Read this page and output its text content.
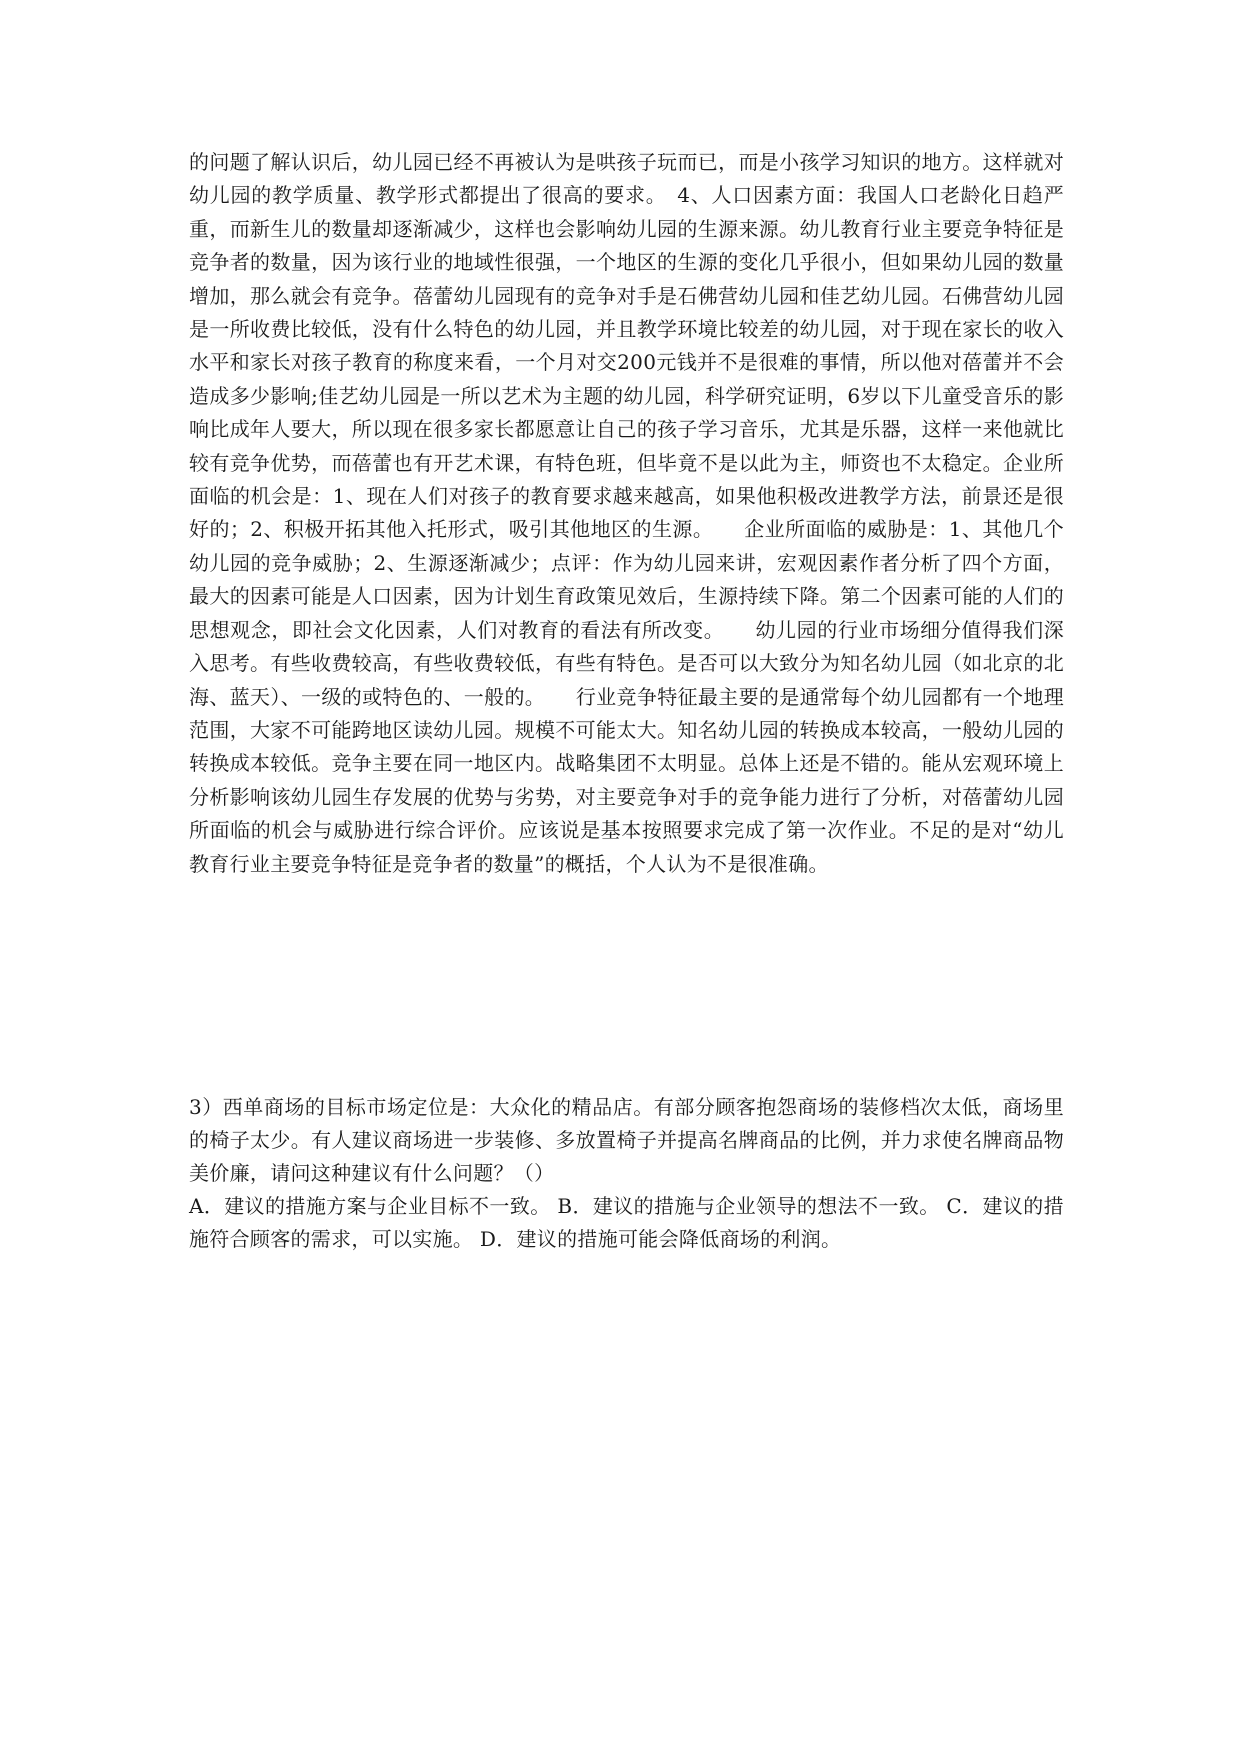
的问题了解认识后，幼儿园已经不再被认为是哄孩子玩而已，而是小孩学习知识的地方。这样就对幼儿园的教学质量、教学形式都提出了很高的要求。　4、人口因素方面：我国人口老龄化日趋严重，而新生儿的数量却逐渐减少，这样也会影响幼儿园的生源来源。幼儿教育行业主要竞争特征是竞争者的数量，因为该行业的地域性很强，一个地区的生源的变化几乎很小，但如果幼儿园的数量增加，那么就会有竞争。蓓蕾幼儿园现有的竞争对手是石佛营幼儿园和佳艺幼儿园。石佛营幼儿园是一所收费比较低，没有什么特色的幼儿园，并且教学环境比较差的幼儿园，对于现在家长的收入水平和家长对孩子教育的称度来看，一个月对交200元钱并不是很难的事情，所以他对蓓蕾并不会造成多少影响;佳艺幼儿园是一所以艺术为主题的幼儿园，科学研究证明，6岁以下儿童受音乐的影响比成年人要大，所以现在很多家长都愿意让自己的孩子学习音乐，尤其是乐器，这样一来他就比较有竞争优势，而蓓蕾也有开艺术课，有特色班，但毕竟不是以此为主，师资也不太稳定。企业所面临的机会是：1、现在人们对孩子的教育要求越来越高，如果他积极改进教学方法，前景还是很好的；2、积极开拓其他入托形式，吸引其他地区的生源。　　企业所面临的威胁是：1、其他几个幼儿园的竞争威胁；2、生源逐渐减少；点评：作为幼儿园来讲，宏观因素作者分析了四个方面，最大的因素可能是人口因素，因为计划生育政策见效后，生源持续下降。第二个因素可能的人们的思想观念，即社会文化因素，人们对教育的看法有所改变。　　幼儿园的行业市场细分值得我们深入思考。有些收费较高，有些收费较低，有些有特色。是否可以大致分为知名幼儿园（如北京的北海、蓝天）、一级的或特色的、一般的。　　行业竞争特征最主要的是通常每个幼儿园都有一个地理范围，大家不可能跨地区读幼儿园。规模不可能太大。知名幼儿园的转换成本较高，一般幼儿园的转换成本较低。竞争主要在同一地区内。战略集团不太明显。总体上还是不错的。能从宏观环境上分析影响该幼儿园生存发展的优势与劣势，对主要竞争对手的竞争能力进行了分析，对蓓蕾幼儿园所面临的机会与威胁进行综合评价。应该说是基本按照要求完成了第一次作业。不足的是对“幼儿教育行业主要竞争特征是竞争者的数量”的概括，个人认为不是很准确。

3）西单商场的目标市场定位是：大众化的精品店。有部分顾客抱怨商场的装修档次太低，商场里的椅子太少。有人建议商场进一步装修、多放置椅子并提高名牌商品的比例，并力求使名牌商品物美价廉，请问这种建议有什么问题？（）

A．建议的措施方案与企业目标不一致。 B．建议的措施与企业领导的想法不一致。 C．建议的措施符合顾客的需求，可以实施。 D．建议的措施可能会降低商场的利润。
